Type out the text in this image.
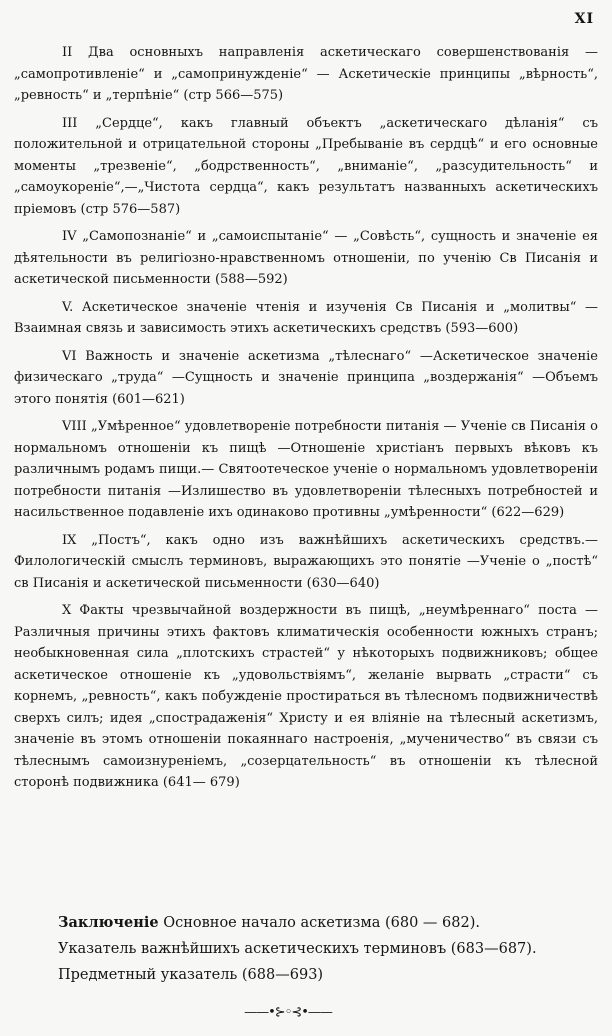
XI

II Два основныхъ направленія аскетическаго совершенствованія — „самопротивленіе“ и „самопринужденіе“ — Аскетическіе принципы „вѣрность“, „ревность“ и „терпѣніе“ (стр 566—575)

III „Сердце“, какъ главный объектъ „аскетическаго дѣланія“ съ положительной и отрицательной стороны „Пребываніе въ сердцѣ“ и его основные моменты „трезвеніе“, „бодрственность“, „вниманіе“, „разсудительность“ и „самоукореніе“,—„Чистота сердца“, какъ результатъ названныхъ аскетическихъ пріемовъ (стр 576—587)

IV „Самопознаніе“ и „самоиспытаніе“ — „Совѣсть“, сущность и значеніе ея дѣятельности въ религіозно-нравственномъ отношеніи, по ученію Св Писанія и аскетической письменности (588—592)

V. Аскетическое значеніе чтенія и изученія Св Писанія и „молитвы“ —Взаимная связь и зависимость этихъ аскетическихъ средствъ (593—600)

VI Важность и значеніе аскетизма „тѣлеснаго“ —Аскетическое значеніе физическаго „труда“ —Сущность и значеніе принципа „воздержанія“ —Объемъ этого понятія (601—621)

VIII „Умѣренное“ удовлетвореніе потребности питанія — Ученіе св Писанія о нормальномъ отношеніи къ пищѣ —Отношеніе христіанъ первыхъ вѣковъ къ различнымъ родамъ пищи.— Святоотеческое ученіе о нормальномъ удовлетвореніи потребности питанія —Излишество въ удовлетвореніи тѣлесныхъ потребностей и насильственное подавленіе ихъ одинаково противны „умѣренности“ (622—629)

IX „Постъ“, какъ одно изъ важнѣйшихъ аскетическихъ средствъ.— Филологическій смыслъ терминовъ, выражающихъ это понятіе —Ученіе о „постѣ“ св Писанія и аскетической письменности (630—640)

X Факты чрезвычайной воздержности въ пищѣ, „неумѣреннаго“ поста —Различныя причины этихъ фактовъ климатическія особенности южныхъ странъ; необыкновенная сила „плотскихъ страстей“ у нѣкоторыхъ подвижниковъ; общее аскетическое отношеніе къ „удовольствіямъ“, желаніе вырвать „страсти“ съ корнемъ, „ревность“, какъ побужденіе простираться въ тѣлесномъ подвижничествѣ сверхъ силъ; идея „спострадаженія“ Христу и ея вліяніе на тѣлесный аскетизмъ, значеніе въ этомъ отношеніи покаяннаго настроенія, „мученичество“ въ связи съ тѣлеснымъ самоизнуреніемъ, „созерцательность“ въ отношеніи къ тѣлесной сторонѣ подвижника (641— 679)

Заключеніе Основное начало аскетизма (680 — 682).
Указатель важнѣйшихъ аскетическихъ терминовъ (683—687).
Предметный указатель (688—693)
——•⊱◦⊰•——
